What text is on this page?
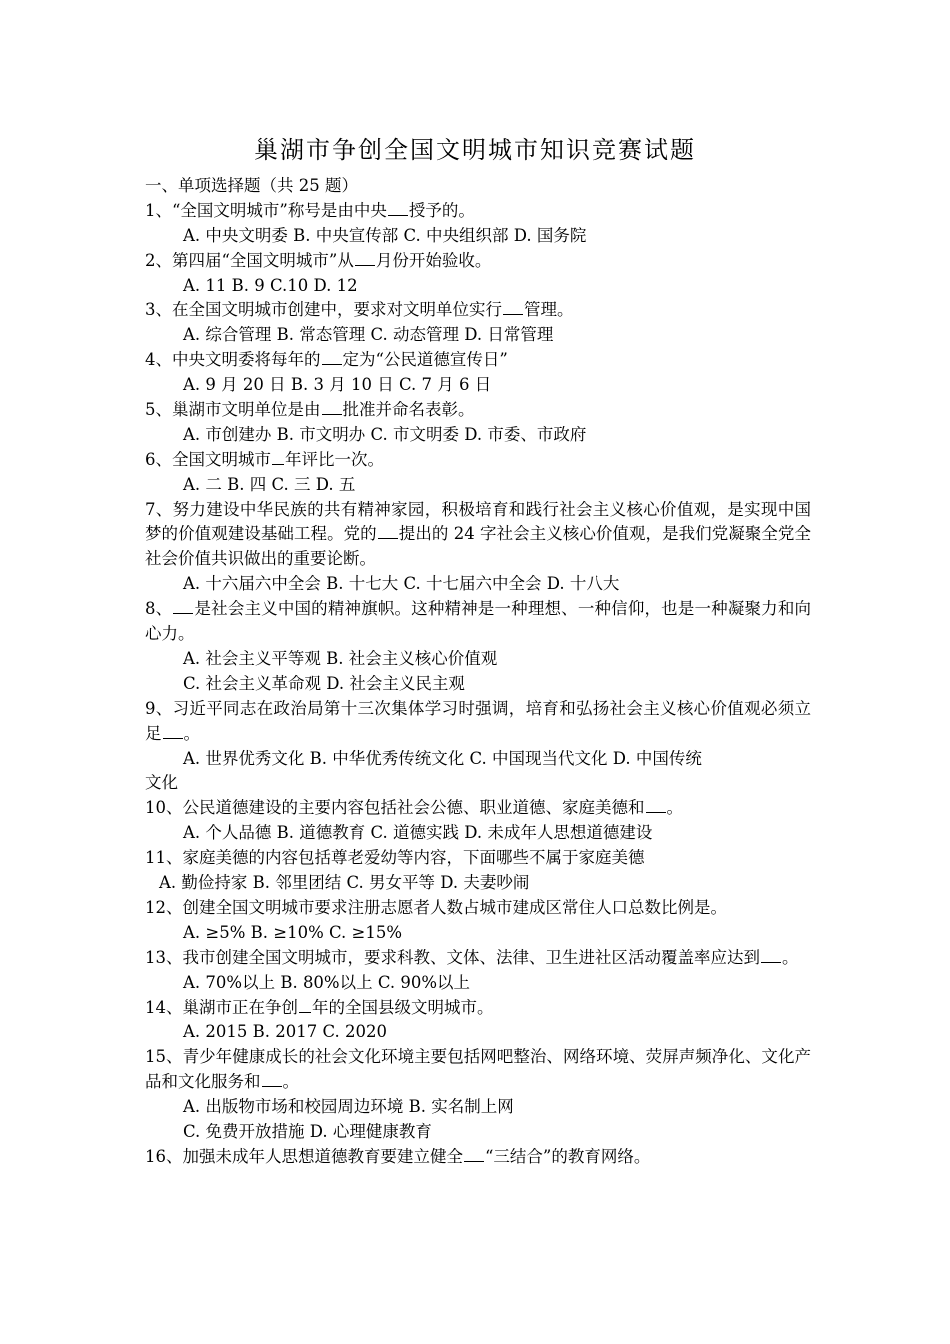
巢湖市争创全国文明城市知识竞赛试题
一、单项选择题（共 25 题）
1、“全国文明城市”称号是由中央 授予的。
A. 中央文明委 B. 中央宣传部 C. 中央组织部 D. 国务院
2、第四届“全国文明城市”从 月份开始验收。
A. 11 B. 9 C.10 D. 12
3、在全国文明城市创建中，要求对文明单位实行 管理。
A. 综合管理 B. 常态管理 C. 动态管理 D. 日常管理
4、中央文明委将每年的 定为“公民道德宣传日”
A. 9 月 20 日 B. 3 月 10 日 C. 7 月 6 日
5、巢湖市文明单位是由 批准并命名表彰。
A. 市创建办 B. 市文明办 C. 市文明委 D. 市委、市政府
6、全国文明城市 年评比一次。
A. 二 B. 四 C. 三 D. 五
7、努力建设中华民族的共有精神家园，积极培育和践行社会主义核心价值观，是实现中国梦的价值观建设基础工程。党的 提出的 24 字社会主义核心价值观，是我们党凝聚全党全社会价值共识做出的重要论断。
A. 十六届六中全会 B. 十七大 C. 十七届六中全会 D. 十八大
8、 是社会主义中国的精神旗帜。这种精神是一种理想、一种信仰，也是一种凝聚力和向心力。
A. 社会主义平等观 B. 社会主义核心价值观
C. 社会主义革命观 D. 社会主义民主观
9、习近平同志在政治局第十三次集体学习时强调，培育和弘扬社会主义核心价值观必须立足 。
A. 世界优秀文化 B. 中华优秀传统文化 C. 中国现当代文化 D. 中国传统
文化
10、公民道德建设的主要内容包括社会公德、职业道德、家庭美德和 。
A. 个人品德 B. 道德教育 C. 道德实践 D. 未成年人思想道德建设
11、家庭美德的内容包括尊老爱幼等内容，下面哪些不属于家庭美德
A. 勤俭持家 B. 邻里团结 C. 男女平等 D. 夫妻吵闹
12、创建全国文明城市要求注册志愿者人数占城市建成区常住人口总数比例是。
A. ≥5% B. ≥10% C. ≥15%
13、我市创建全国文明城市，要求科教、文体、法律、卫生进社区活动覆盖率应达到 。
A. 70%以上 B. 80%以上 C. 90%以上
14、巢湖市正在争创 年的全国县级文明城市。
A. 2015 B. 2017 C. 2020
15、青少年健康成长的社会文化环境主要包括网吧整治、网络环境、荧屏声频净化、文化产品和文化服务和 。
A. 出版物市场和校园周边环境 B. 实名制上网
C. 免费开放措施 D. 心理健康教育
16、加强未成年人思想道德教育要建立健全 “三结合”的教育网络。
